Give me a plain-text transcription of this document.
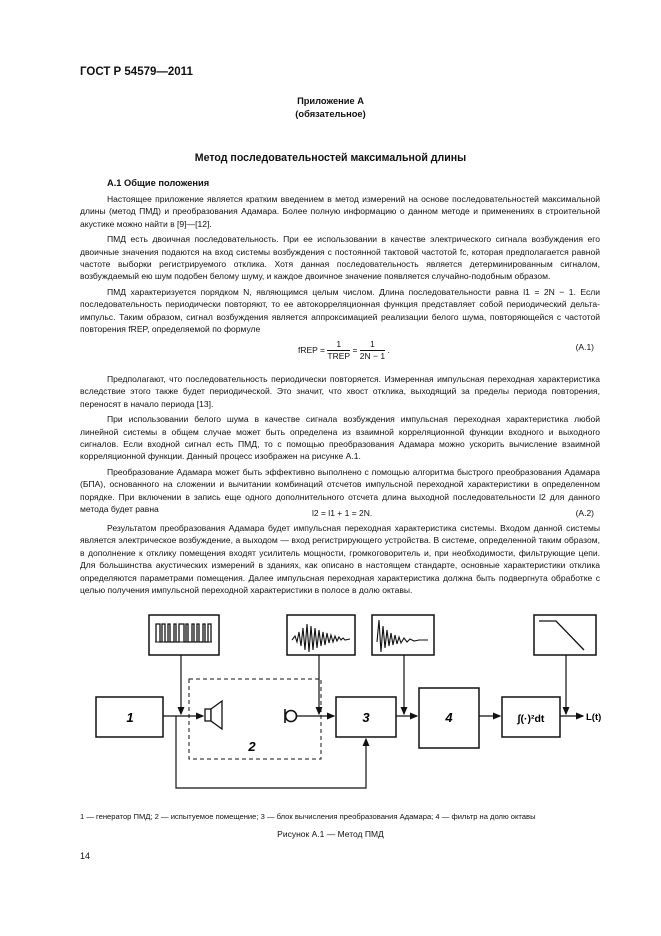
ГОСТ Р 54579—2011
Приложение А
(обязательное)
Метод последовательностей максимальной длины
А.1 Общие положения

Настоящее приложение является кратким введением в метод измерений на основе последовательностей максимальной длины (метод ПМД) и преобразования Адамара. Более полную информацию о данном методе и применениях в строительной акустике можно найти в [9]—[12].

ПМД есть двоичная последовательность. При ее использовании в качестве электрического сигнала возбуждения его двоичные значения подаются на вход системы возбуждения с постоянной тактовой частотой fc, которая предполагается равной частоте выборки регистрируемого отклика. Хотя данная последовательность является детерминированным сигналом, возбуждаемый ею шум подобен белому шуму, и каждое двоичное значение появляется случайно-подобным образом.

ПМД характеризуется порядком N, являющимся целым числом. Длина последовательности равна l1 = 2N − 1. Если последовательность периодически повторяют, то ее автокорреляционная функция представляет собой периодический дельта-импульс. Таким образом, сигнал возбуждения является аппроксимацией реализации белого шума, повторяющейся с частотой повторения fREP, определяемой по формуле

fREP = $\frac{1}{\text{TREP}} = \frac{1}{2N - 1}$ .	(А.1)

Предполагают, что последовательность периодически повторяется. Измеренная импульсная переходная характеристика вследствие этого также будет периодической. Это значит, что хвост отклика, выходящий за пределы периода повторения, переносят в начало периода [13].

При использовании белого шума в качестве сигнала возбуждения импульсная переходная характеристика любой линейной системы в общем случае может быть определена из взаимной корреляционной функции входного и выходного сигналов. Если входной сигнал есть ПМД, то с помощью преобразования Адамара можно ускорить вычисление взаимной корреляционной функции. Данный процесс изображен на рисунке А.1.

Преобразование Адамара может быть эффективно выполнено с помощью алгоритма быстрого преобразования Адамара (БПА), основанного на сложении и вычитании комбинаций отсчетов импульсной переходной характеристики в определенном порядке. При включении в запись еще одного дополнительного отсчета длина выходной последовательности l2 для данного метода будет равна	l2 = l1 + 1 = 2N.	(А.2)

Результатом преобразования Адамара будет импульсная переходная характеристика системы. Входом данной системы является электрическое возбуждение, а выходом — вход регистрирующего устройства. В системе, определенной таким образом, в дополнение к отклику помещения входят усилитель мощности, громкоговоритель и, при необходимости, фильтрующие цепи. Для большинства акустических измерений в зданиях, как описано в настоящем стандарте, основные характеристики отклика определяются параметрами помещения. Далее импульсная переходная характеристика должна быть подвергнута обработке с целью получения импульсной переходной характеристики в полосе в долю октавы.

1
2
3	4	∫(·)²dt	L(t)
1 — генератор ПМД; 2 — испытуемое помещение; 3 — блок вычисления преобразования Адамара; 4 — фильтр на долю октавы
Рисунок А.1 — Метод ПМД
14
